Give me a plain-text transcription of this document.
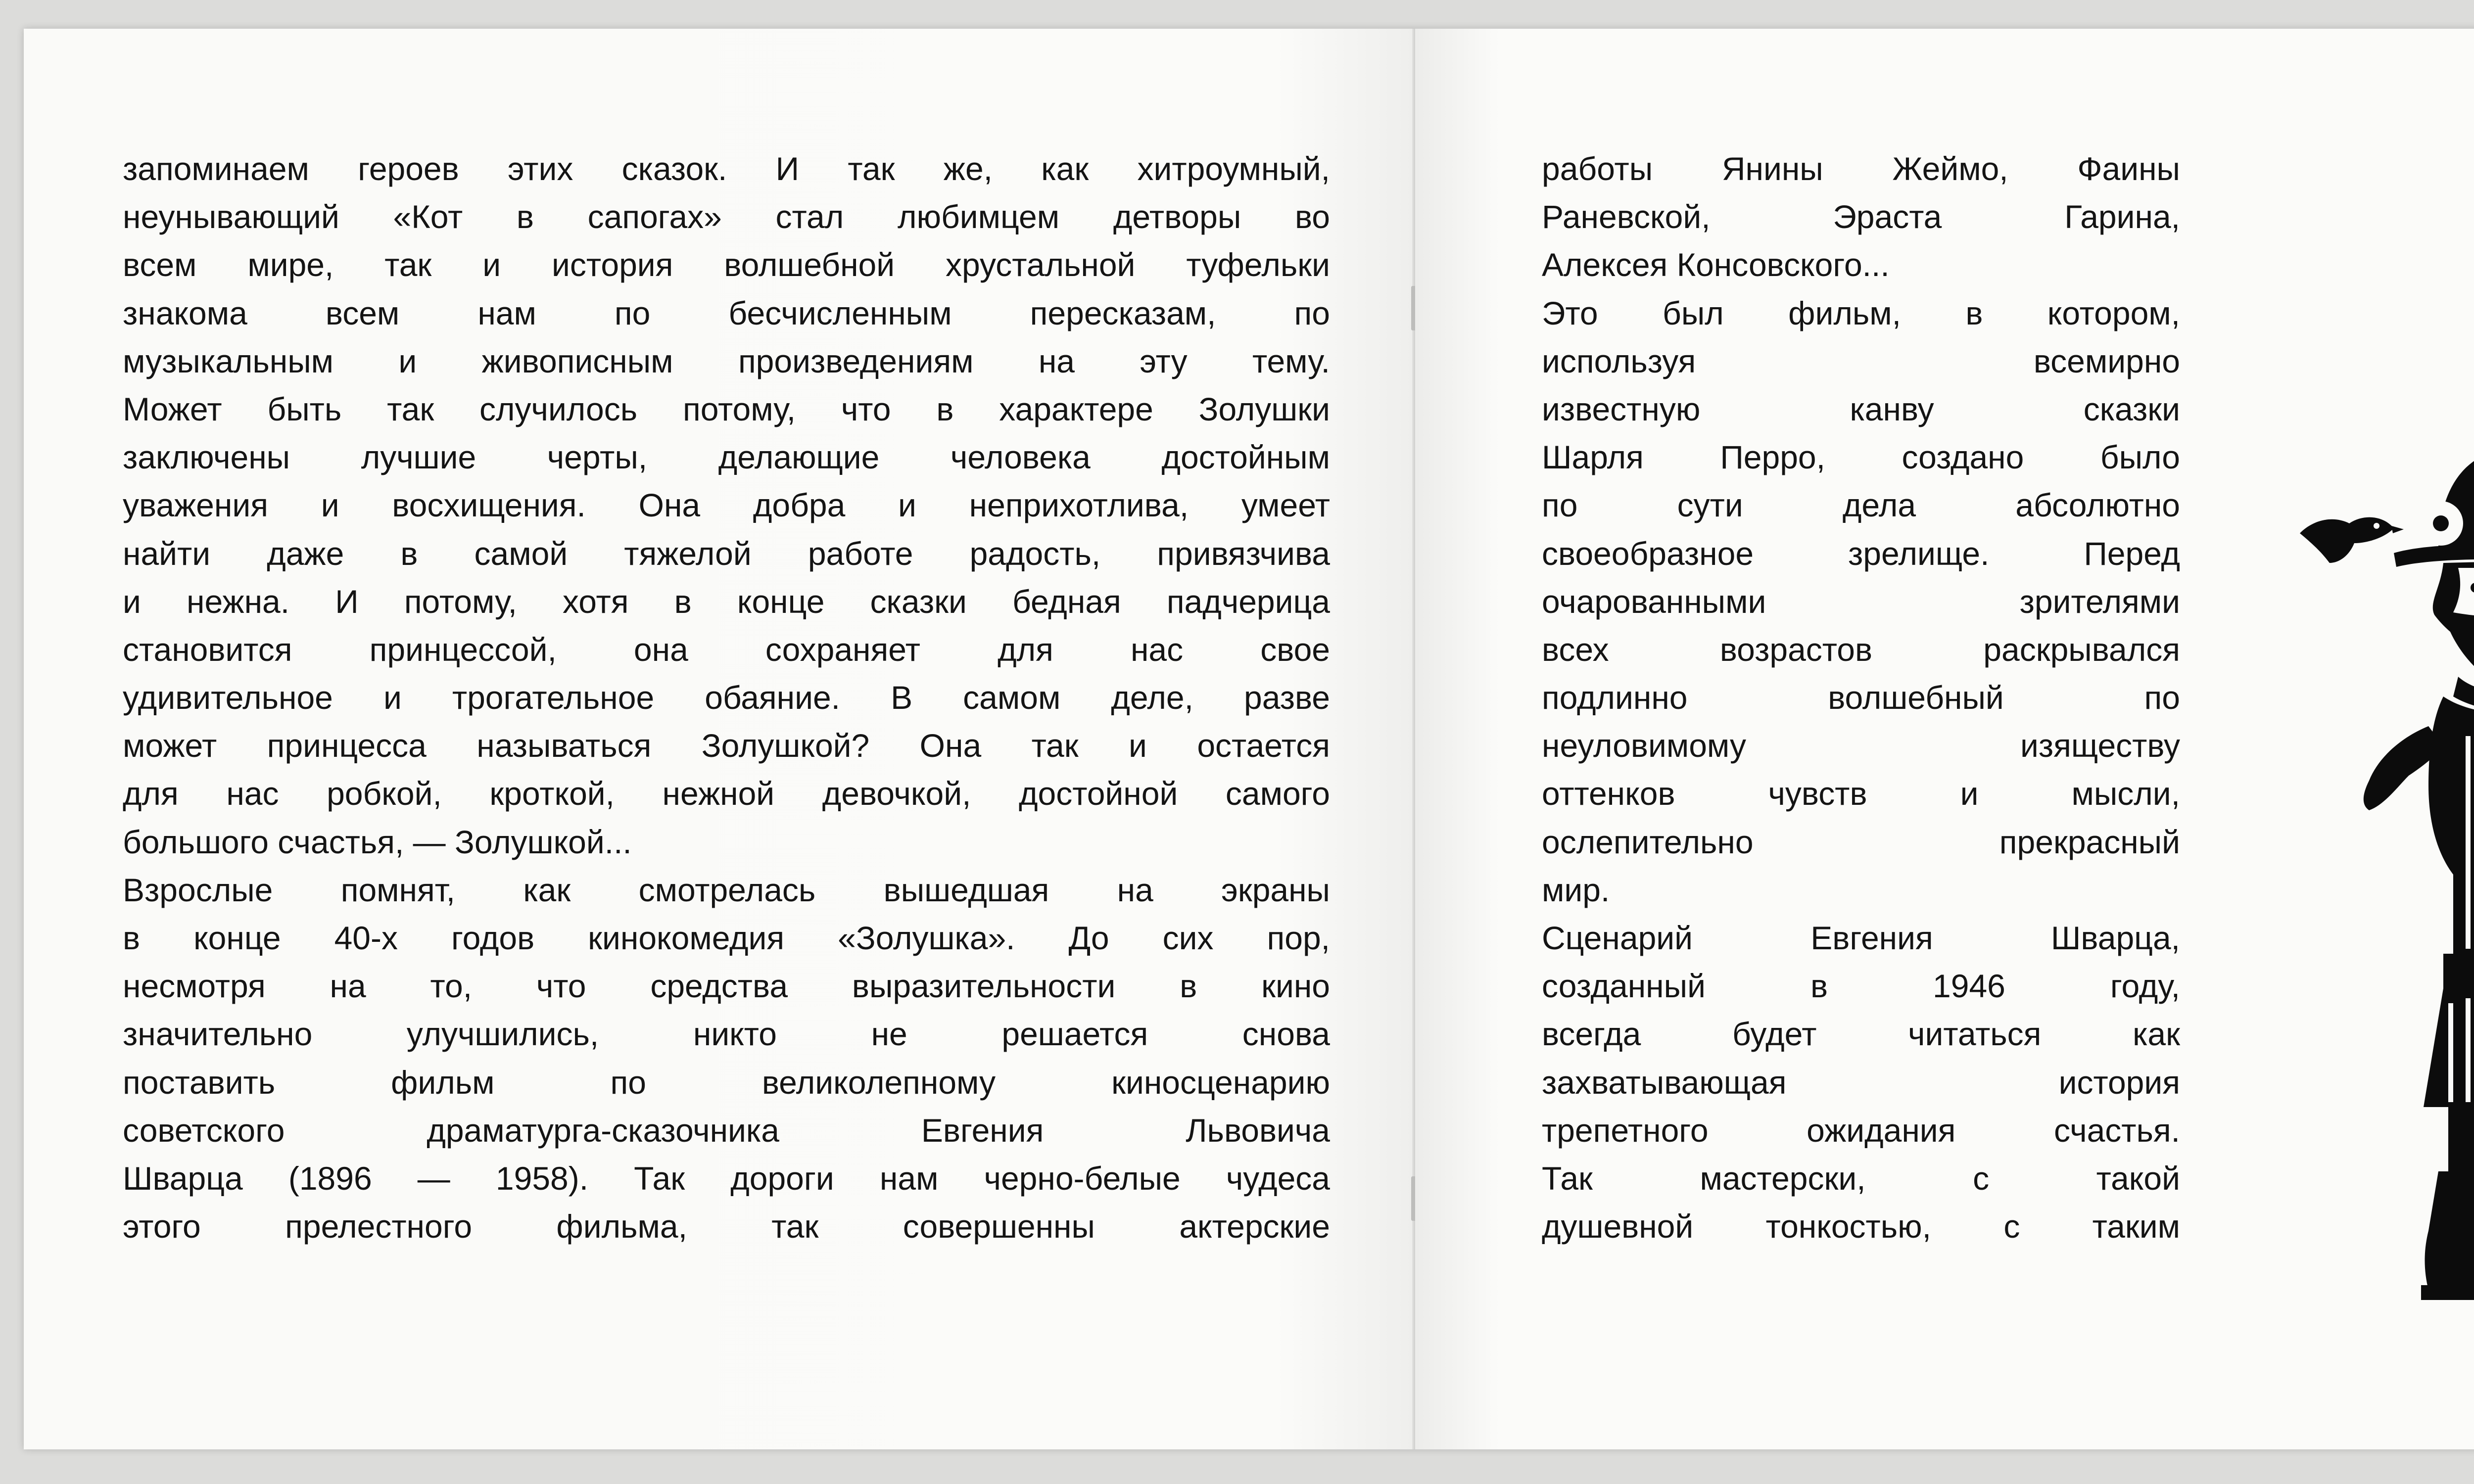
запоминаем героев этих сказок. И так же, как хитроумный,
неунывающий «Кот в сапогах» стал любимцем детворы во
всем мире, так и история волшебной хрустальной туфельки
знакома всем нам по бесчисленным пересказам, по
музыкальным и живописным произведениям на эту тему.
Может быть так случилось потому, что в характере Золушки
заключены лучшие черты, делающие человека достойным
уважения и восхищения. Она добра и неприхотлива, умеет
найти даже в самой тяжелой работе радость, привязчива
и нежна. И потому, хотя в конце сказки бедная падчерица
становится принцессой, она сохраняет для нас свое
удивительное и трогательное обаяние. В самом деле, разве
может принцесса называться Золушкой? Она так и остается
для нас робкой, кроткой, нежной девочкой, достойной самого
большого счастья, — Золушкой...
Взрослые помнят, как смотрелась вышедшая на экраны
в конце 40-х годов кинокомедия «Золушка». До сих пор,
несмотря на то, что средства выразительности в кино
значительно улучшились, никто не решается снова
поставить фильм по великолепному киносценарию
советского драматурга-сказочника Евгения Львовича
Шварца (1896 — 1958). Так дороги нам черно-белые чудеса
этого прелестного фильма, так совершенны актерские
работы Янины Жеймо, Фаины
Раневской, Эраста Гарина,
Алексея Консовского...
Это был фильм, в котором,
используя всемирно
известную канву сказки
Шарля Перро, создано было
по сути дела абсолютно
своеобразное зрелище. Перед
очарованными зрителями
всех возрастов раскрывался
подлинно волшебный по
неуловимому изяществу
оттенков чувств и мысли,
ослепительно прекрасный
мир.
Сценарий Евгения Шварца,
созданный в 1946 году,
всегда будет читаться как
захватывающая история
трепетного ожидания счастья.
Так мастерски, с такой
душевной тонкостью, с таким
